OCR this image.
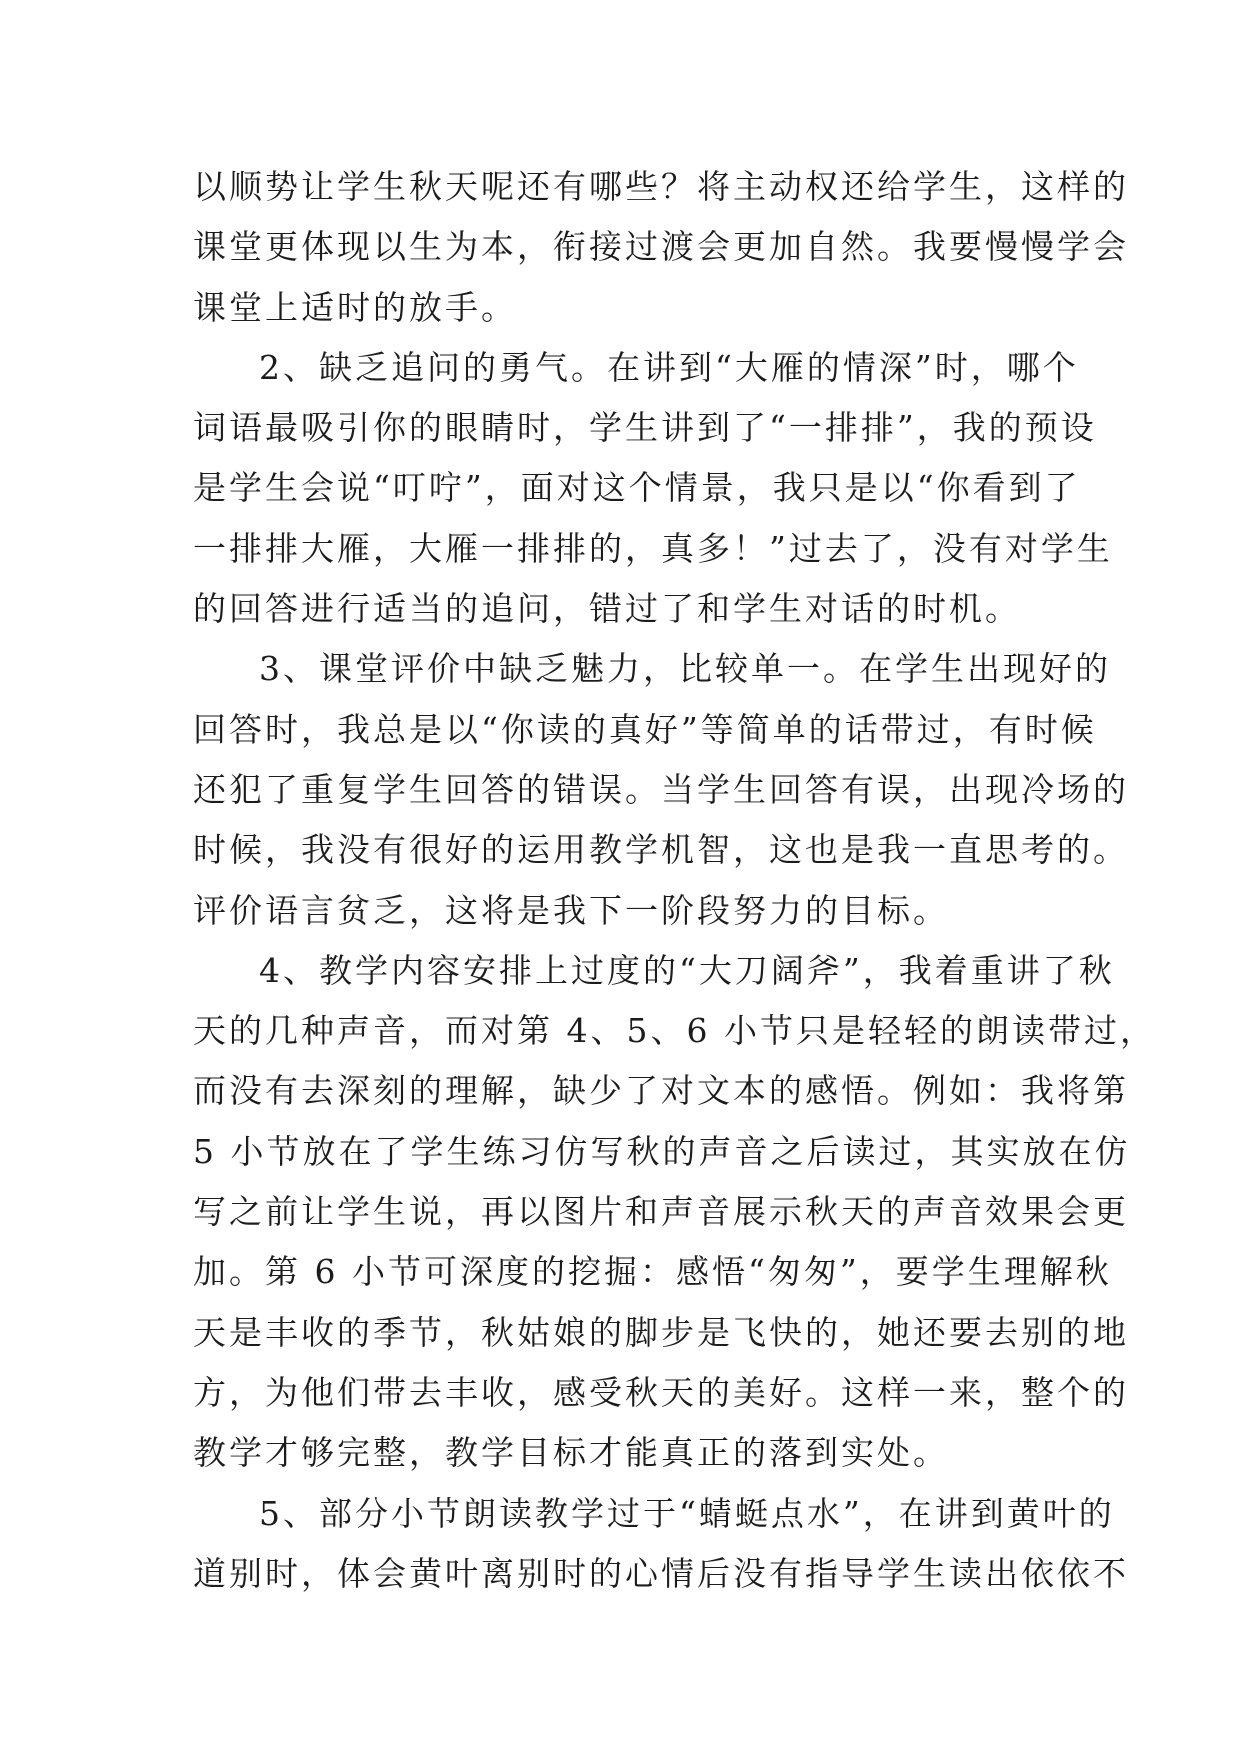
以顺势让学生秋天呢还有哪些？将主动权还给学生，这样的
课堂更体现以生为本，衔接过渡会更加自然。我要慢慢学会
课堂上适时的放手。
2、缺乏追问的勇气。在讲到“大雁的情深”时，哪个
词语最吸引你的眼睛时，学生讲到了“一排排”，我的预设
是学生会说“叮咛”，面对这个情景，我只是以“你看到了
一排排大雁，大雁一排排的，真多！”过去了，没有对学生
的回答进行适当的追问，错过了和学生对话的时机。
3、课堂评价中缺乏魅力，比较单一。在学生出现好的
回答时，我总是以“你读的真好”等简单的话带过，有时候
还犯了重复学生回答的错误。当学生回答有误，出现冷场的
时候，我没有很好的运用教学机智，这也是我一直思考的。
评价语言贫乏，这将是我下一阶段努力的目标。
4、教学内容安排上过度的“大刀阔斧”，我着重讲了秋
天的几种声音，而对第 4、5、6 小节只是轻轻的朗读带过，
而没有去深刻的理解，缺少了对文本的感悟。例如：我将第
5 小节放在了学生练习仿写秋的声音之后读过，其实放在仿
写之前让学生说，再以图片和声音展示秋天的声音效果会更
加。第 6 小节可深度的挖掘：感悟“匆匆”，要学生理解秋
天是丰收的季节，秋姑娘的脚步是飞快的，她还要去别的地
方，为他们带去丰收，感受秋天的美好。这样一来，整个的
教学才够完整，教学目标才能真正的落到实处。
5、部分小节朗读教学过于“蜻蜓点水”，在讲到黄叶的
道别时，体会黄叶离别时的心情后没有指导学生读出依依不
